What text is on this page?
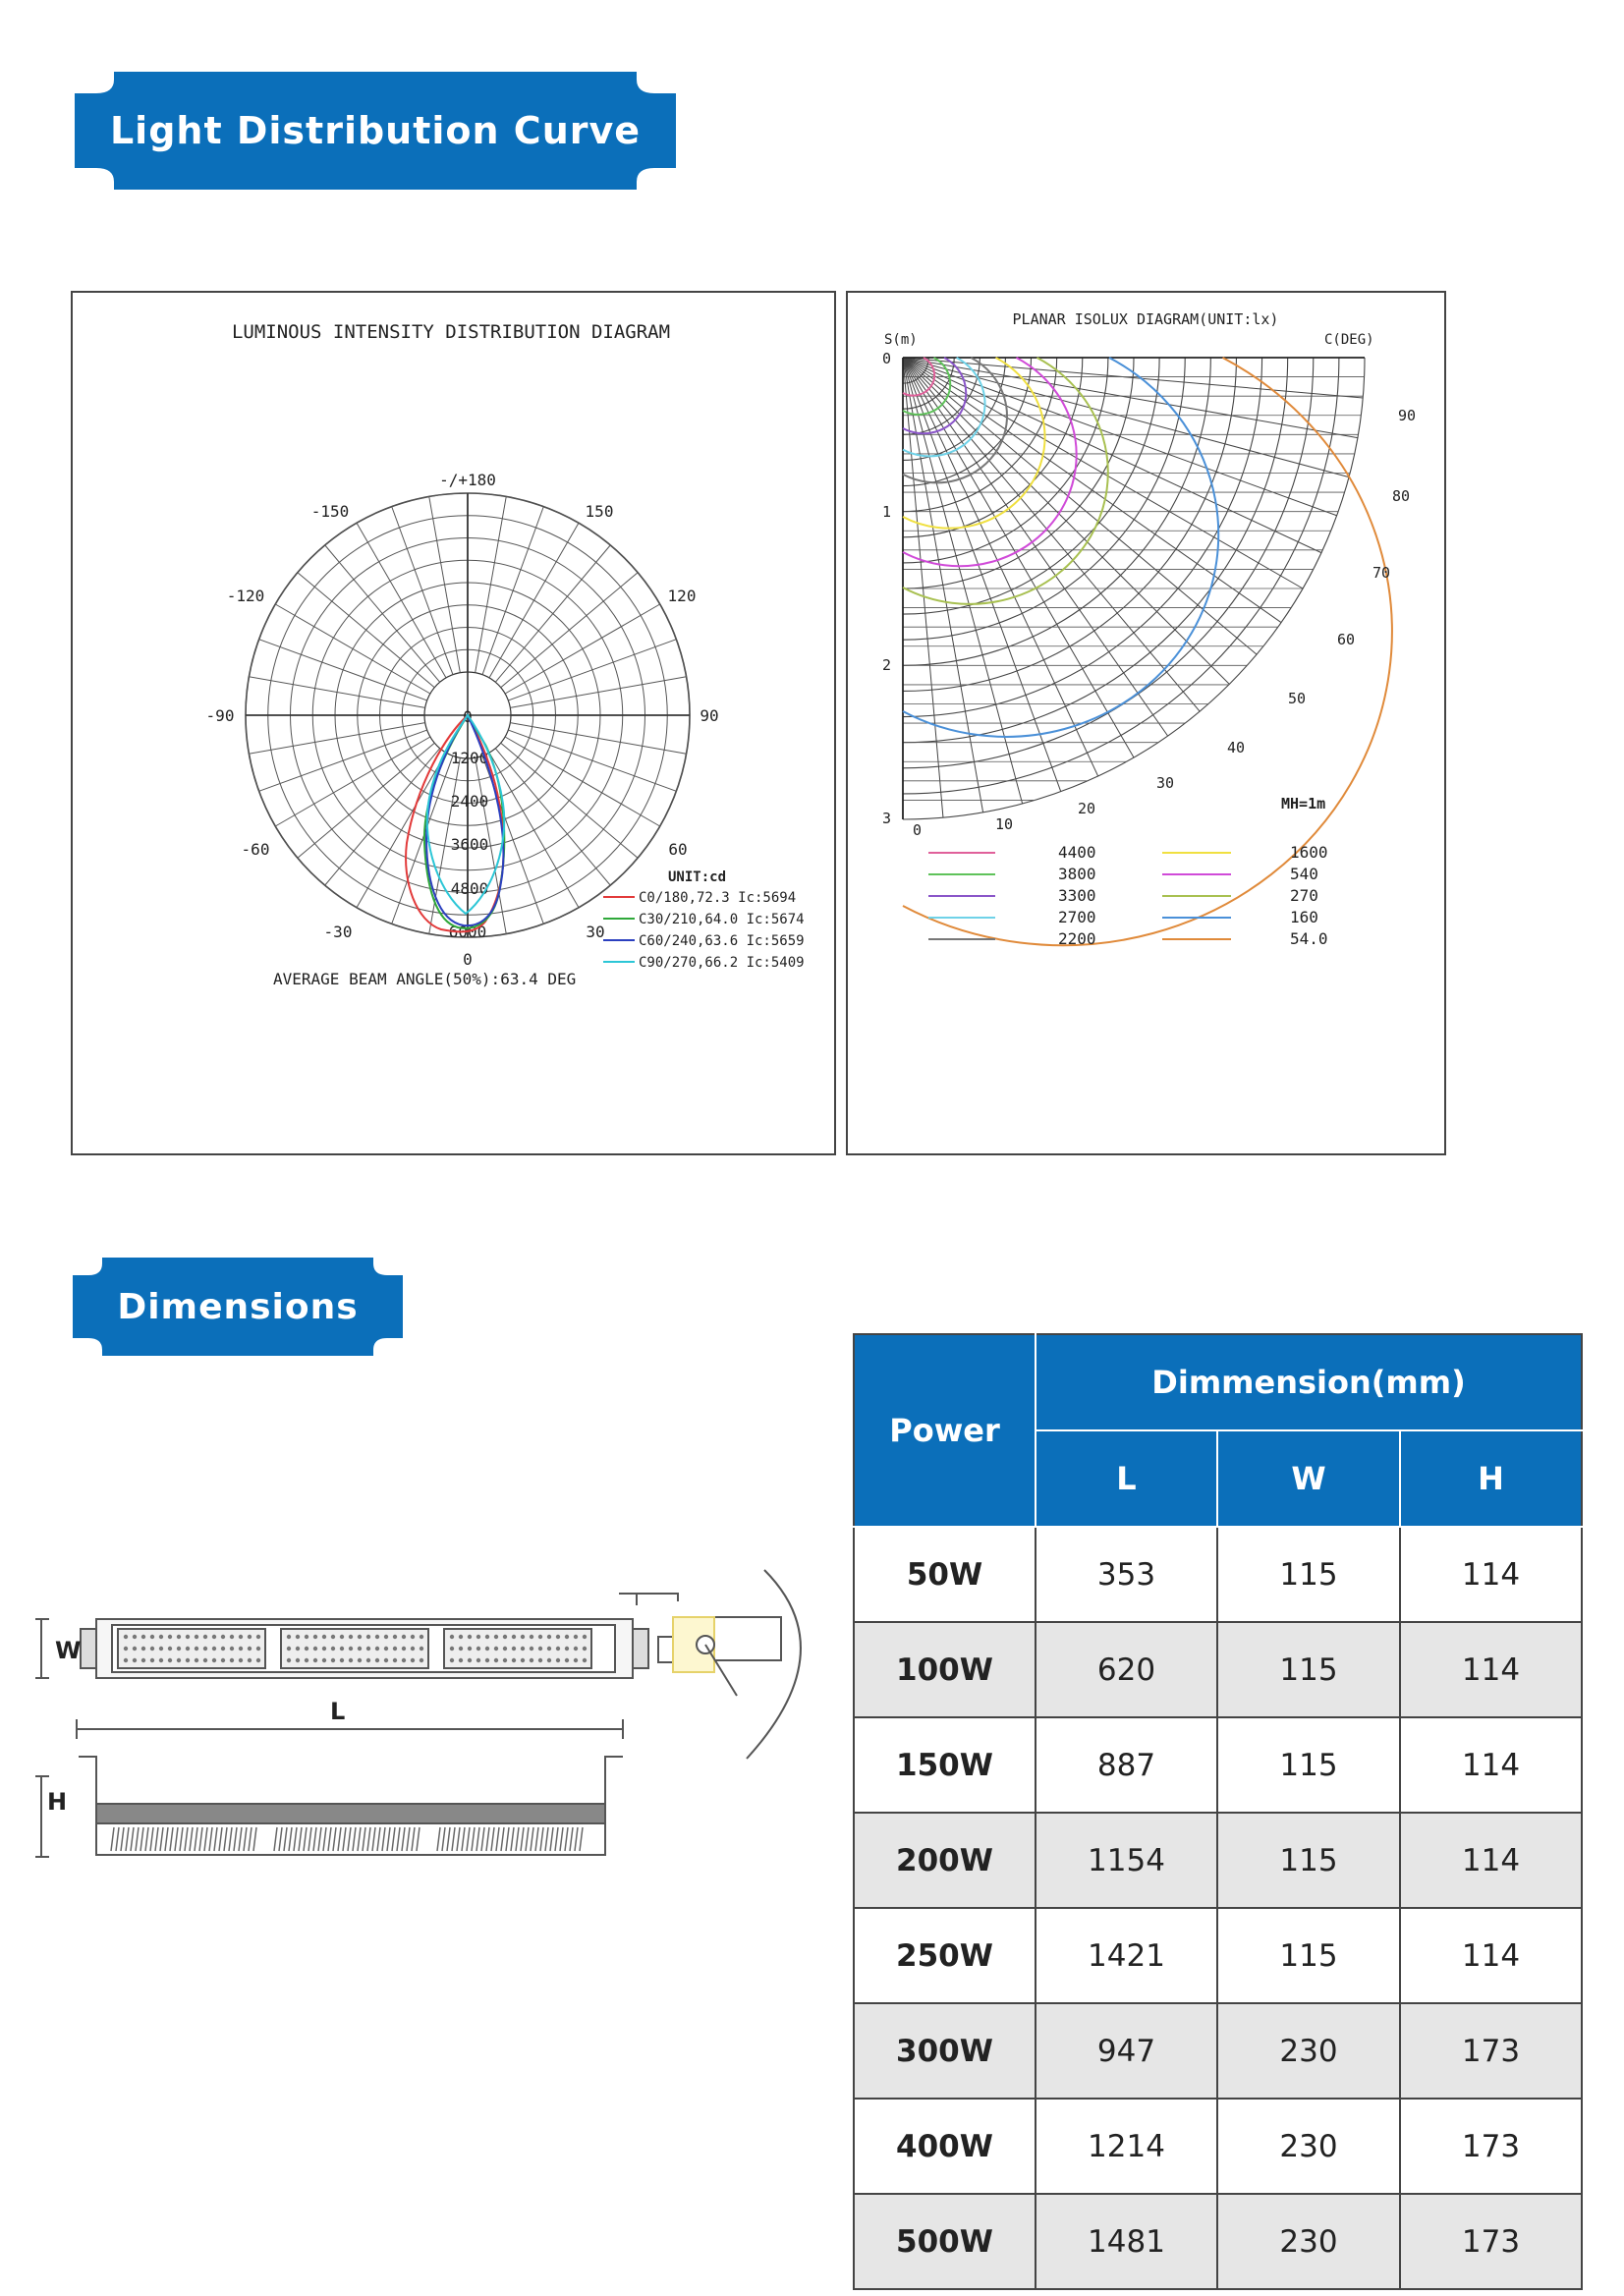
Light Distribution Curve
LUMINOUS INTENSITY DISTRIBUTION DIAGRAM
-/+180
-150	150
-120	120
-90	90
-60	60
-30	30
0
0
1200
2400
3600
4800
6000
UNIT:cd
C0/180,72.3 Ic:5694
C30/210,64.0 Ic:5674
C60/240,63.6 Ic:5659
C90/270,66.2 Ic:5409
AVERAGE BEAM ANGLE(50%):63.4 DEG
PLANAR ISOLUX DIAGRAM(UNIT:lx)
S(m)	C(DEG)
0
1
2
3
0	10
20
30
40
50
60
70
80
90
MH=1m
4400
3800
3300
2700
2200
1600
540
270
160
54.0
Dimensions
W
L
H
Power	Dimmension(mm)		
	L	W	H
50W	353	115	114
100W	620	115	114
150W	887	115	114
200W	1154	115	114
250W	1421	115	114
300W	947	230	173
400W	1214	230	173
500W	1481	230	173
